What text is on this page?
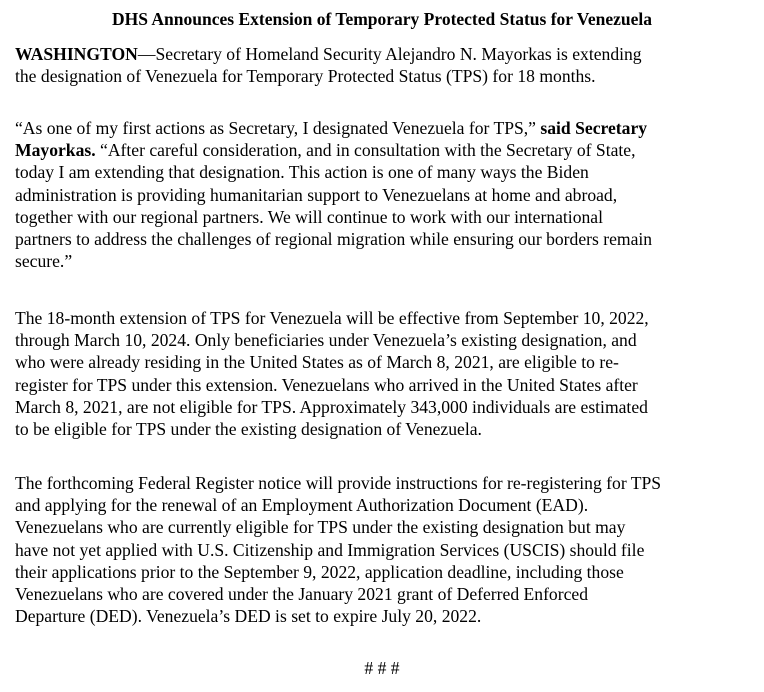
DHS Announces Extension of Temporary Protected Status for Venezuela

WASHINGTON—Secretary of Homeland Security Alejandro N. Mayorkas is extending
the designation of Venezuela for Temporary Protected Status (TPS) for 18 months.

“As one of my first actions as Secretary, I designated Venezuela for TPS,” said Secretary
Mayorkas. “After careful consideration, and in consultation with the Secretary of State,
today I am extending that designation. This action is one of many ways the Biden
administration is providing humanitarian support to Venezuelans at home and abroad,
together with our regional partners. We will continue to work with our international
partners to address the challenges of regional migration while ensuring our borders remain
secure.”

The 18-month extension of TPS for Venezuela will be effective from September 10, 2022,
through March 10, 2024. Only beneficiaries under Venezuela’s existing designation, and
who were already residing in the United States as of March 8, 2021, are eligible to re-
register for TPS under this extension. Venezuelans who arrived in the United States after
March 8, 2021, are not eligible for TPS. Approximately 343,000 individuals are estimated
to be eligible for TPS under the existing designation of Venezuela.

The forthcoming Federal Register notice will provide instructions for re-registering for TPS
and applying for the renewal of an Employment Authorization Document (EAD).
Venezuelans who are currently eligible for TPS under the existing designation but may
have not yet applied with U.S. Citizenship and Immigration Services (USCIS) should file
their applications prior to the September 9, 2022, application deadline, including those
Venezuelans who are covered under the January 2021 grant of Deferred Enforced
Departure (DED). Venezuela’s DED is set to expire July 20, 2022.

# # #
